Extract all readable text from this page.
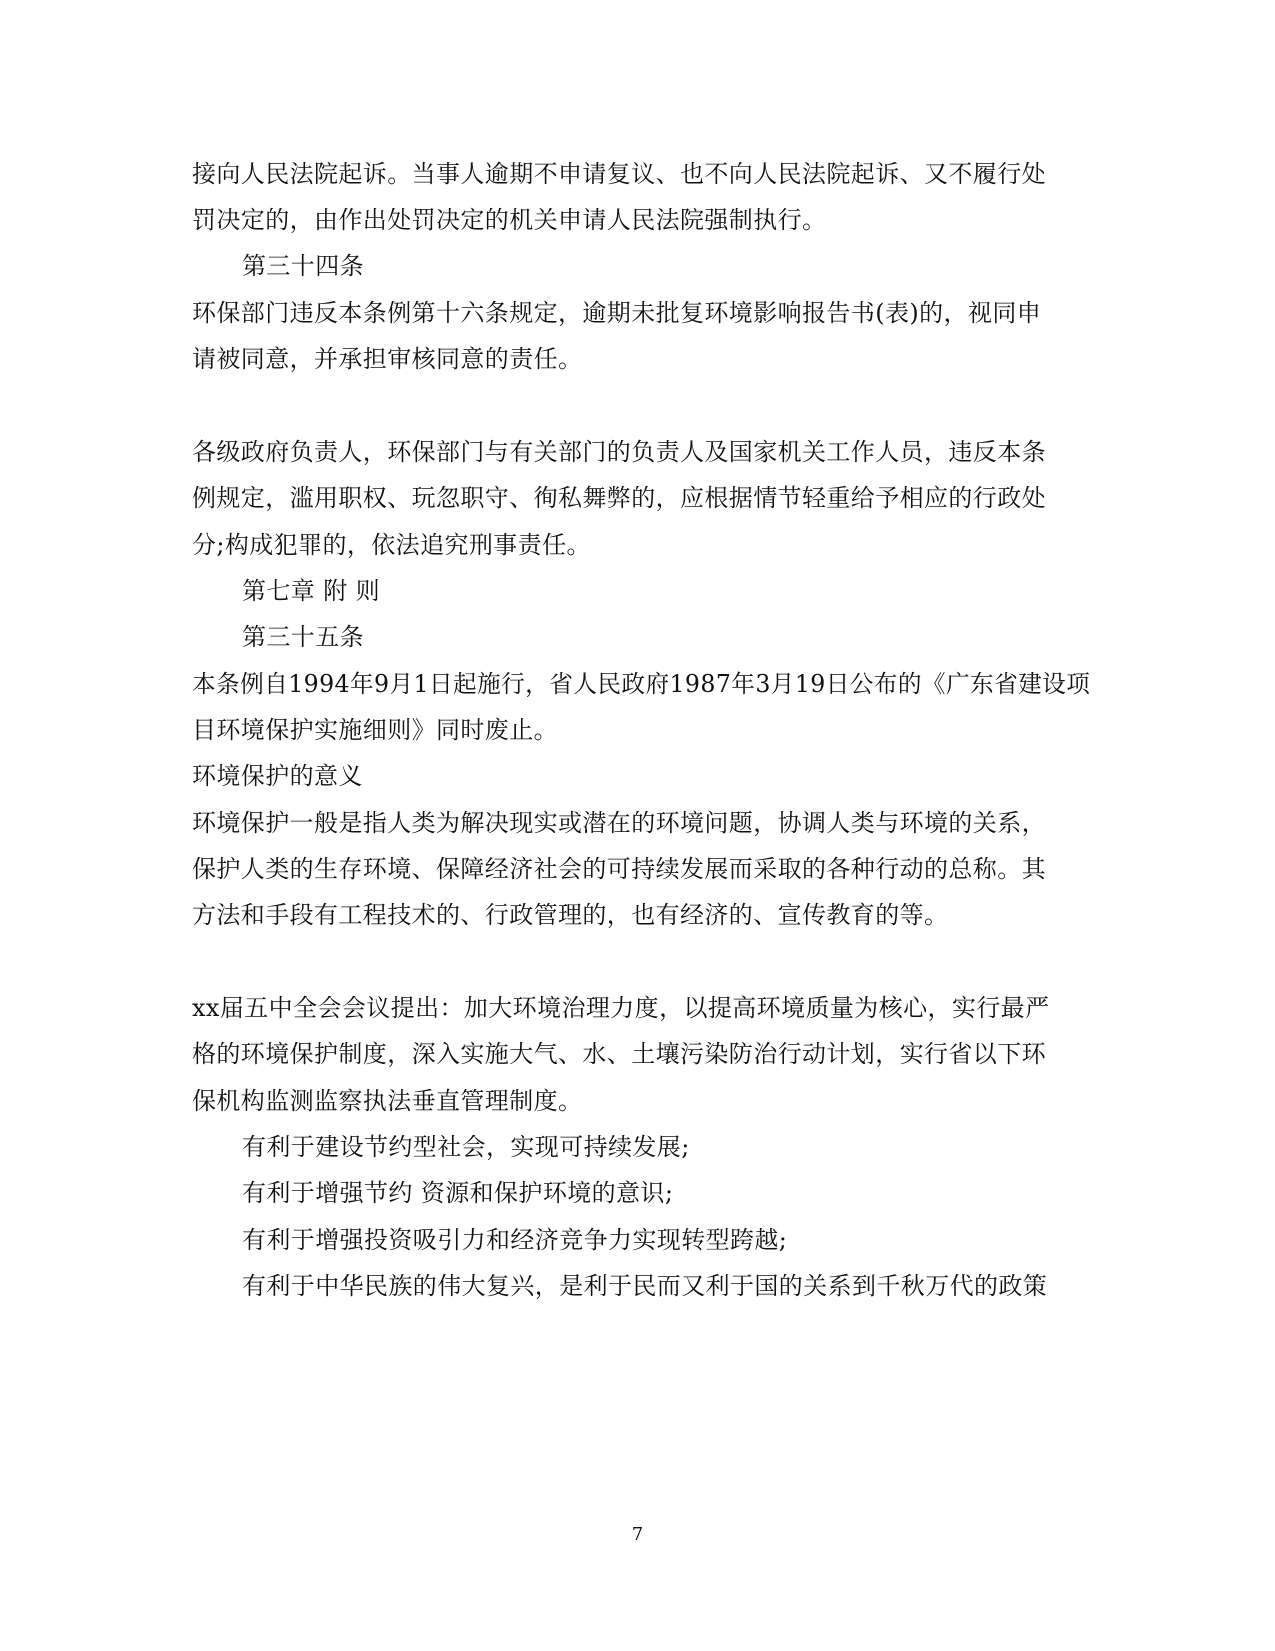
接向人民法院起诉。当事人逾期不申请复议、也不向人民法院起诉、又不履行处
罚决定的，由作出处罚决定的机关申请人民法院强制执行。
第三十四条
环保部门违反本条例第十六条规定，逾期未批复环境影响报告书(表)的，视同申
请被同意，并承担审核同意的责任。
各级政府负责人，环保部门与有关部门的负责人及国家机关工作人员，违反本条
例规定，滥用职权、玩忽职守、徇私舞弊的，应根据情节轻重给予相应的行政处
分;构成犯罪的，依法追究刑事责任。
第七章 附 则
第三十五条
本条例自1994年9月1日起施行，省人民政府1987年3月19日公布的《广东省建设项
目环境保护实施细则》同时废止。
环境保护的意义
环境保护一般是指人类为解决现实或潜在的环境问题，协调人类与环境的关系，
保护人类的生存环境、保障经济社会的可持续发展而采取的各种行动的总称。其
方法和手段有工程技术的、行政管理的，也有经济的、宣传教育的等。
xx届五中全会会议提出：加大环境治理力度，以提高环境质量为核心，实行最严
格的环境保护制度，深入实施大气、水、土壤污染防治行动计划，实行省以下环
保机构监测监察执法垂直管理制度。
有利于建设节约型社会，实现可持续发展;
有利于增强节约 资源和保护环境的意识;
有利于增强投资吸引力和经济竞争力实现转型跨越;
有利于中华民族的伟大复兴，是利于民而又利于国的关系到千秋万代的政策
7
